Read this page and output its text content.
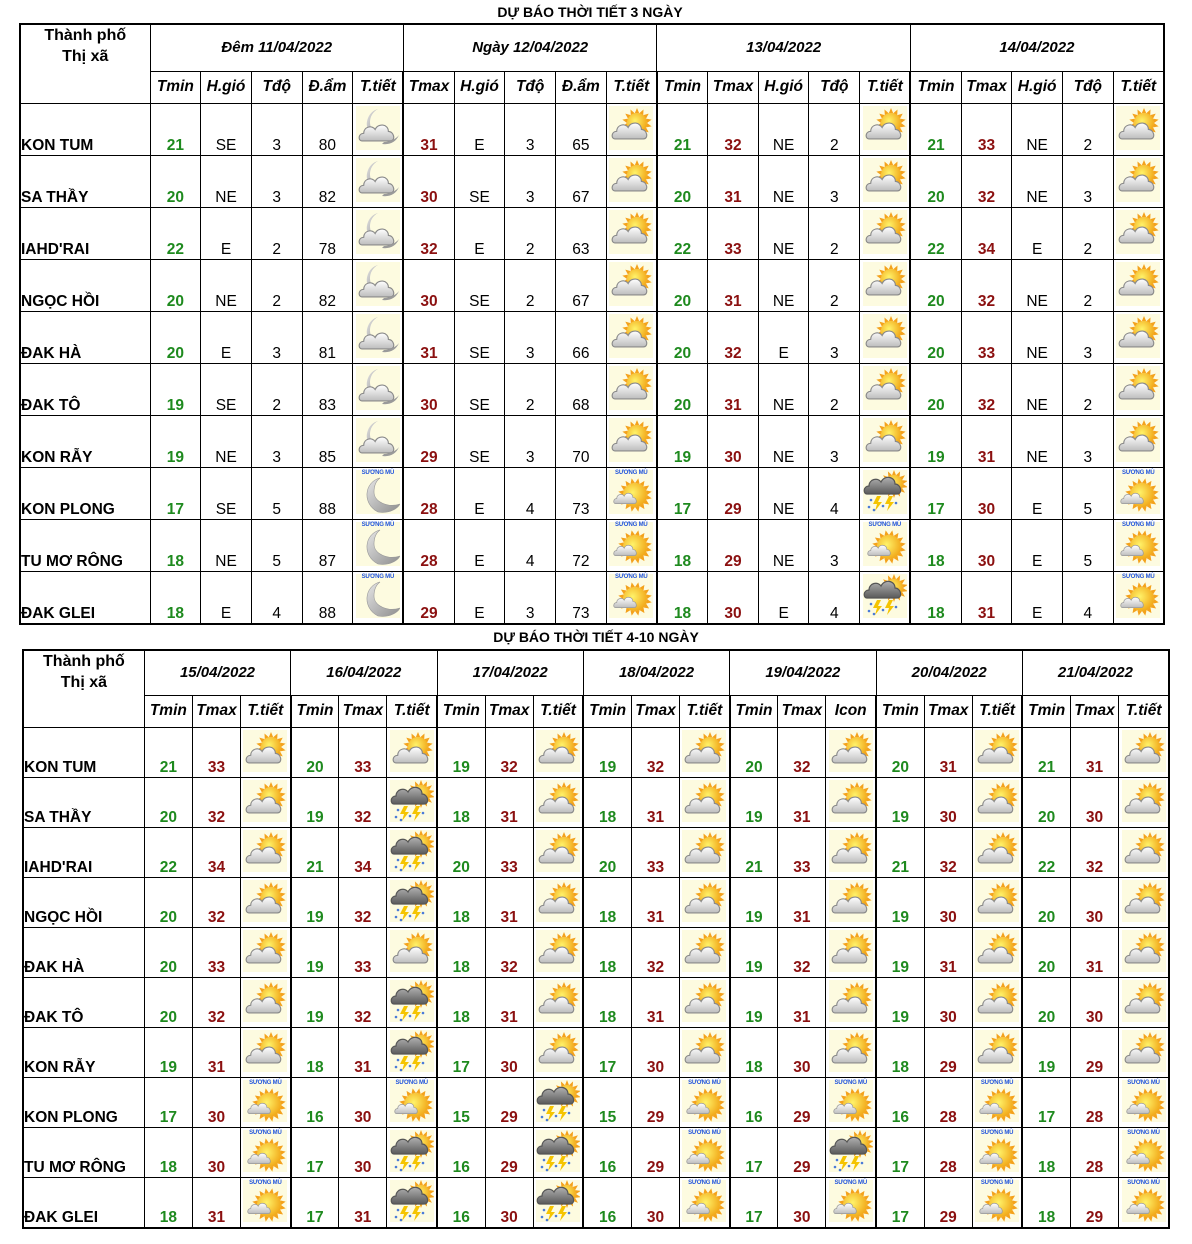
DỰ BÁO THỜI TIẾT 3 NGÀY
Thành phố
Thị xã	Đêm 11/04/2022					Ngày 12/04/2022					13/04/2022					14/04/2022				
	Tmin	H.gió	Tđộ	Đ.ẩm	T.tiết	Tmax	H.gió	Tđộ	Đ.ẩm	T.tiết	Tmin	Tmax	H.gió	Tđộ	T.tiết	Tmin	Tmax	H.gió	Tđộ	T.tiết
KON TUM	21	SE	3	80		31	E	3	65		21	32	NE	2		21	33	NE	2	

SA THẦY	20	NE	3	82		30	SE	3	67		20	31	NE	3		20	32	NE	3	

IAHD'RAI	22	E	2	78		32	E	2	63		22	33	NE	2		22	34	E	2	

NGỌC HỒI	20	NE	2	82		30	SE	2	67		20	31	NE	2		20	32	NE	2	

ĐAK HÀ	20	E	3	81		31	SE	3	66		20	32	E	3		20	33	NE	3	

ĐAK TÔ	19	SE	2	83		30	SE	2	68		20	31	NE	2		20	32	NE	2	

KON RẪY	19	NE	3	85		29	SE	3	70		19	30	NE	3		19	31	NE	3	

KON PLONG	17	SE	5	88	SƯƠNG MÙ	28	E	4	73	SƯƠNG MÙ	17	29	NE	4		17	30	E	5	SƯƠNG MÙ

TU MƠ RÔNG	18	NE	5	87	SƯƠNG MÙ	28	E	4	72	SƯƠNG MÙ	18	29	NE	3	SƯƠNG MÙ	18	30	E	5	SƯƠNG MÙ

ĐAK GLEI	18	E	4	88	SƯƠNG MÙ	29	E	3	73	SƯƠNG MÙ	18	30	E	4		18	31	E	4	SƯƠNG MÙ
DỰ BÁO THỜI TIẾT 4-10 NGÀY
Thành phố
Thị xã	15/04/2022			16/04/2022			17/04/2022			18/04/2022			19/04/2022			20/04/2022			21/04/2022		
	Tmin	Tmax	T.tiết	Tmin	Tmax	T.tiết	Tmin	Tmax	T.tiết	Tmin	Tmax	T.tiết	Tmin	Tmax	Icon	Tmin	Tmax	T.tiết	Tmin	Tmax	T.tiết
KON TUM	21	33		20	33		19	32		19	32		20	32		20	31		21	31	

SA THẦY	20	32		19	32		18	31		18	31		19	31		19	30		20	30	

IAHD'RAI	22	34		21	34		20	33		20	33		21	33		21	32		22	32	

NGỌC HỒI	20	32		19	32		18	31		18	31		19	31		19	30		20	30	

ĐAK HÀ	20	33		19	33		18	32		18	32		19	32		19	31		20	31	

ĐAK TÔ	20	32		19	32		18	31		18	31		19	31		19	30		20	30	

KON RẪY	19	31		18	31		17	30		17	30		18	30		18	29		19	29	

KON PLONG	17	30	SƯƠNG MÙ	16	30	SƯƠNG MÙ	15	29		15	29	SƯƠNG MÙ	16	29	SƯƠNG MÙ	16	28	SƯƠNG MÙ	17	28	SƯƠNG MÙ

TU MƠ RÔNG	18	30	SƯƠNG MÙ	17	30		16	29		16	29	SƯƠNG MÙ	17	29		17	28	SƯƠNG MÙ	18	28	SƯƠNG MÙ

ĐAK GLEI	18	31	SƯƠNG MÙ	17	31		16	30		16	30	SƯƠNG MÙ	17	30	SƯƠNG MÙ	17	29	SƯƠNG MÙ	18	29	SƯƠNG MÙ
